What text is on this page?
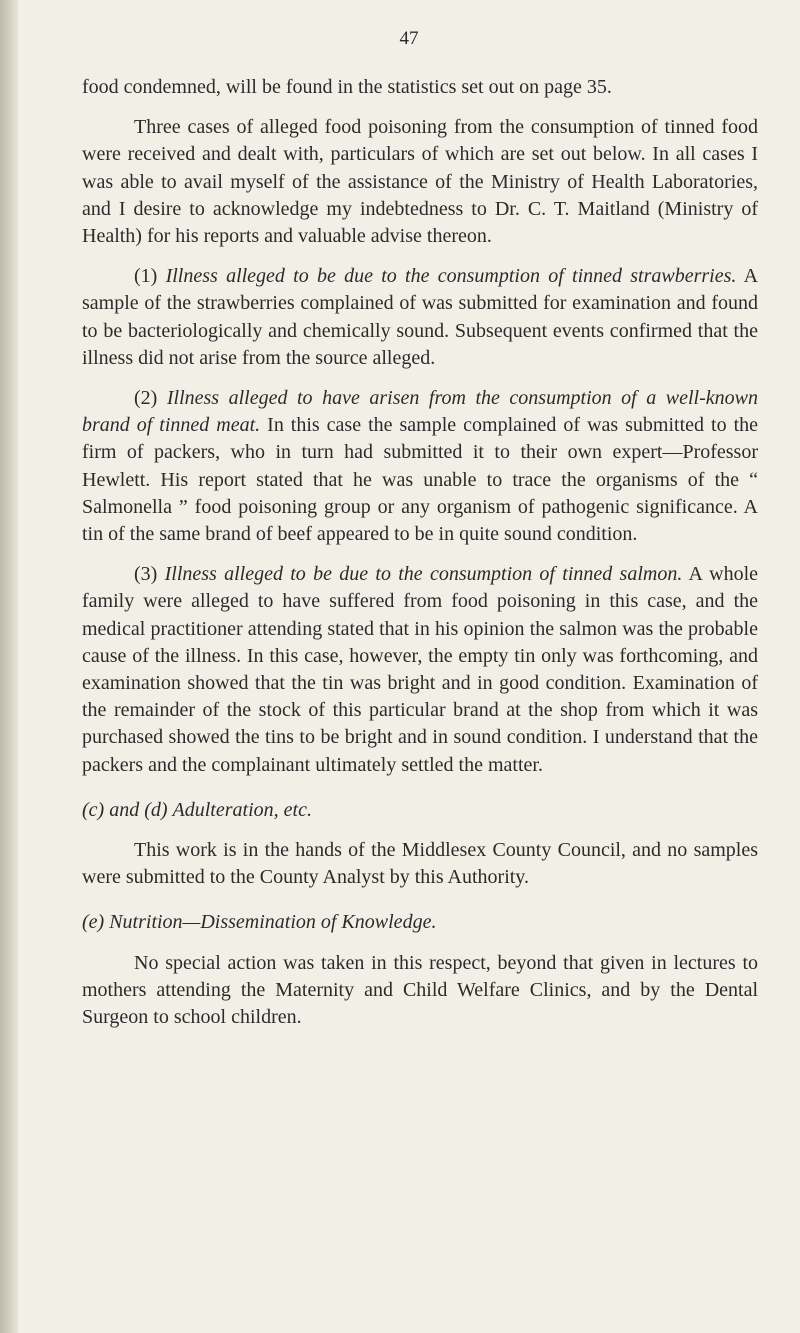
47

food condemned, will be found in the statistics set out on page 35.

Three cases of alleged food poisoning from the consumption of tinned food were received and dealt with, particulars of which are set out below. In all cases I was able to avail myself of the assistance of the Ministry of Health Laboratories, and I desire to acknowledge my indebtedness to Dr. C. T. Maitland (Ministry of Health) for his reports and valuable advise thereon.

(1) Illness alleged to be due to the consumption of tinned strawberries. A sample of the strawberries complained of was submitted for examination and found to be bacteriologically and chemically sound. Subsequent events confirmed that the illness did not arise from the source alleged.

(2) Illness alleged to have arisen from the consumption of a well-known brand of tinned meat. In this case the sample complained of was submitted to the firm of packers, who in turn had submitted it to their own expert—Professor Hewlett. His report stated that he was unable to trace the organisms of the “ Salmonella ” food poisoning group or any organism of pathogenic significance. A tin of the same brand of beef appeared to be in quite sound condition.

(3) Illness alleged to be due to the consumption of tinned salmon. A whole family were alleged to have suffered from food poisoning in this case, and the medical practitioner attending stated that in his opinion the salmon was the probable cause of the illness. In this case, however, the empty tin only was forthcoming, and examination showed that the tin was bright and in good condition. Examination of the remainder of the stock of this particular brand at the shop from which it was purchased showed the tins to be bright and in sound condition. I understand that the packers and the complainant ultimately settled the matter.

(c) and (d) Adulteration, etc.

This work is in the hands of the Middlesex County Council, and no samples were submitted to the County Analyst by this Authority.

(e) Nutrition—Dissemination of Knowledge.

No special action was taken in this respect, beyond that given in lectures to mothers attending the Maternity and Child Welfare Clinics, and by the Dental Surgeon to school children.
